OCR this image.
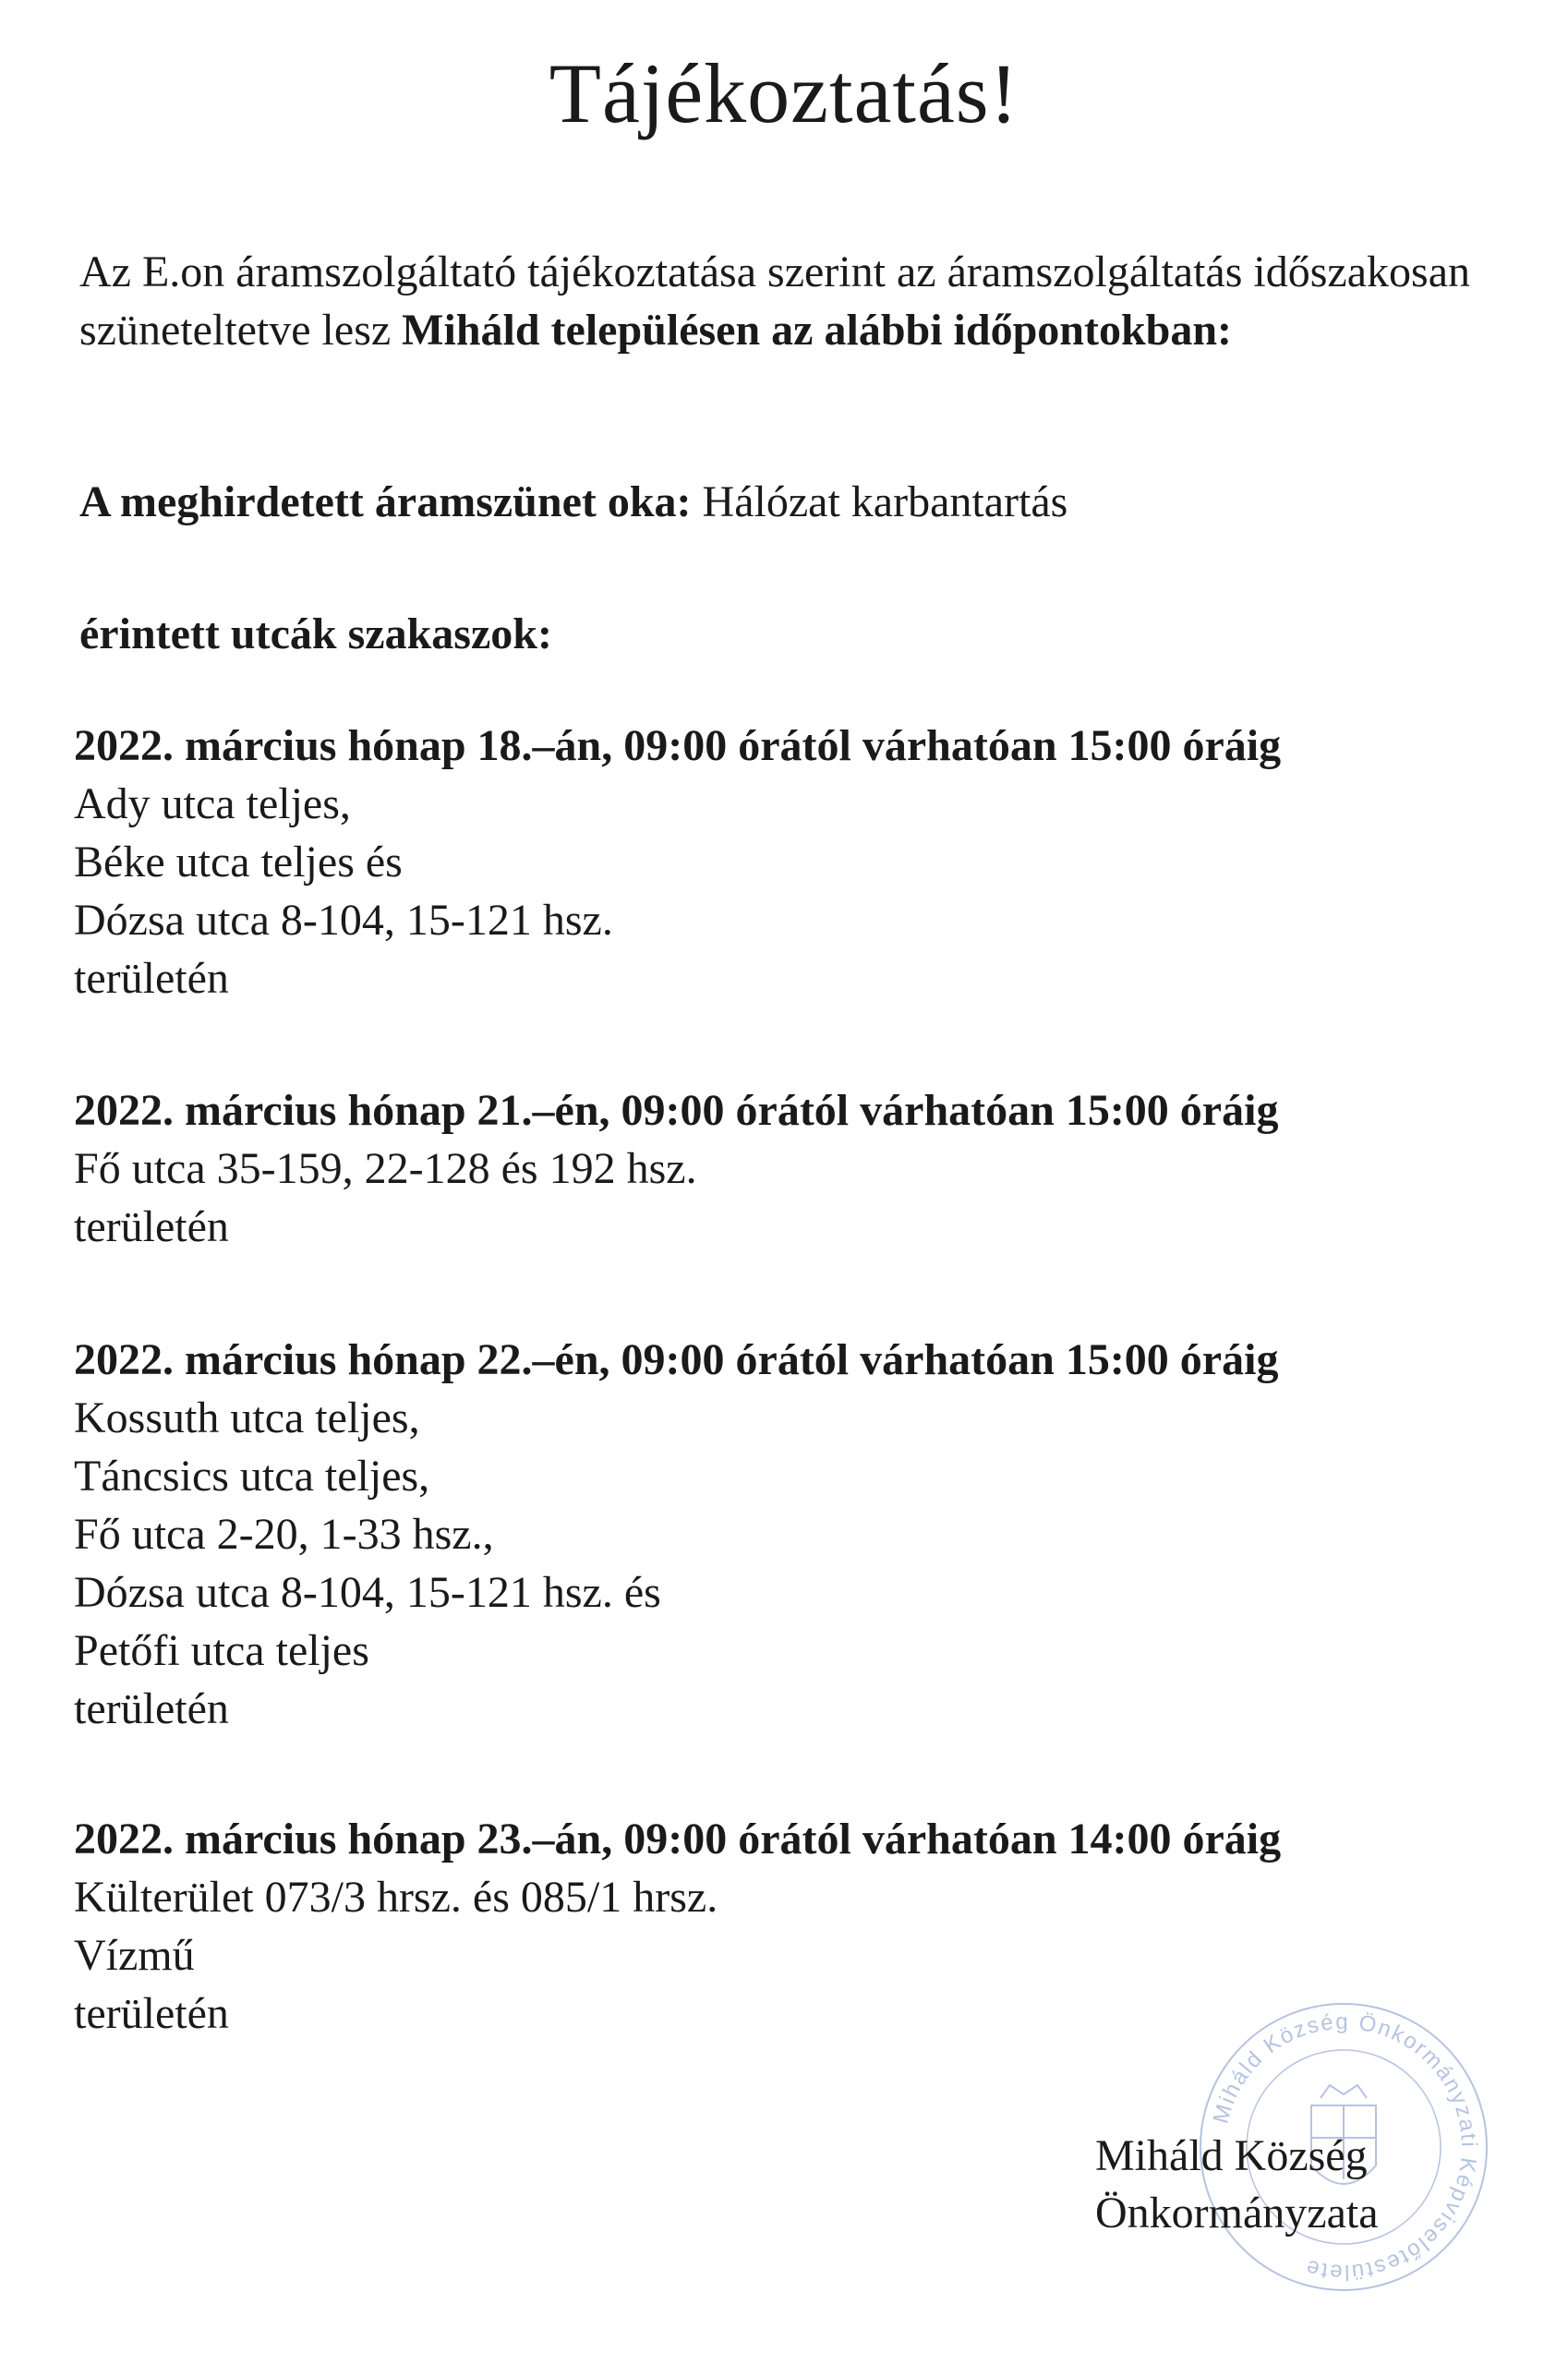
Tájékoztatás!

Az E.on áramszolgáltató tájékoztatása szerint az áramszolgáltatás időszakosan szüneteltetve lesz Miháld településen az alábbi időpontokban:

A meghirdetett áramszünet oka: Hálózat karbantartás

érintett utcák szakaszok:

2022. március hónap 18.–án, 09:00 órától várhatóan 15:00 óráig
Ady utca teljes,
Béke utca teljes és
Dózsa utca 8-104, 15-121 hsz.
területén
2022. március hónap 21.–én, 09:00 órától várhatóan 15:00 óráig
Fő utca 35-159, 22-128 és 192 hsz.
területén
2022. március hónap 22.–én, 09:00 órától várhatóan 15:00 óráig
Kossuth utca teljes,
Táncsics utca teljes,
Fő utca 2-20, 1-33 hsz.,
Dózsa utca 8-104, 15-121 hsz. és
Petőfi utca teljes
területén
2022. március hónap 23.–án, 09:00 órától várhatóan 14:00 óráig
Külterület 073/3 hrsz. és 085/1 hrsz.
Vízmű
területén
Miháld Község Önkormányzati Képviselőtestülete
Miháld Község
Önkormányzata
